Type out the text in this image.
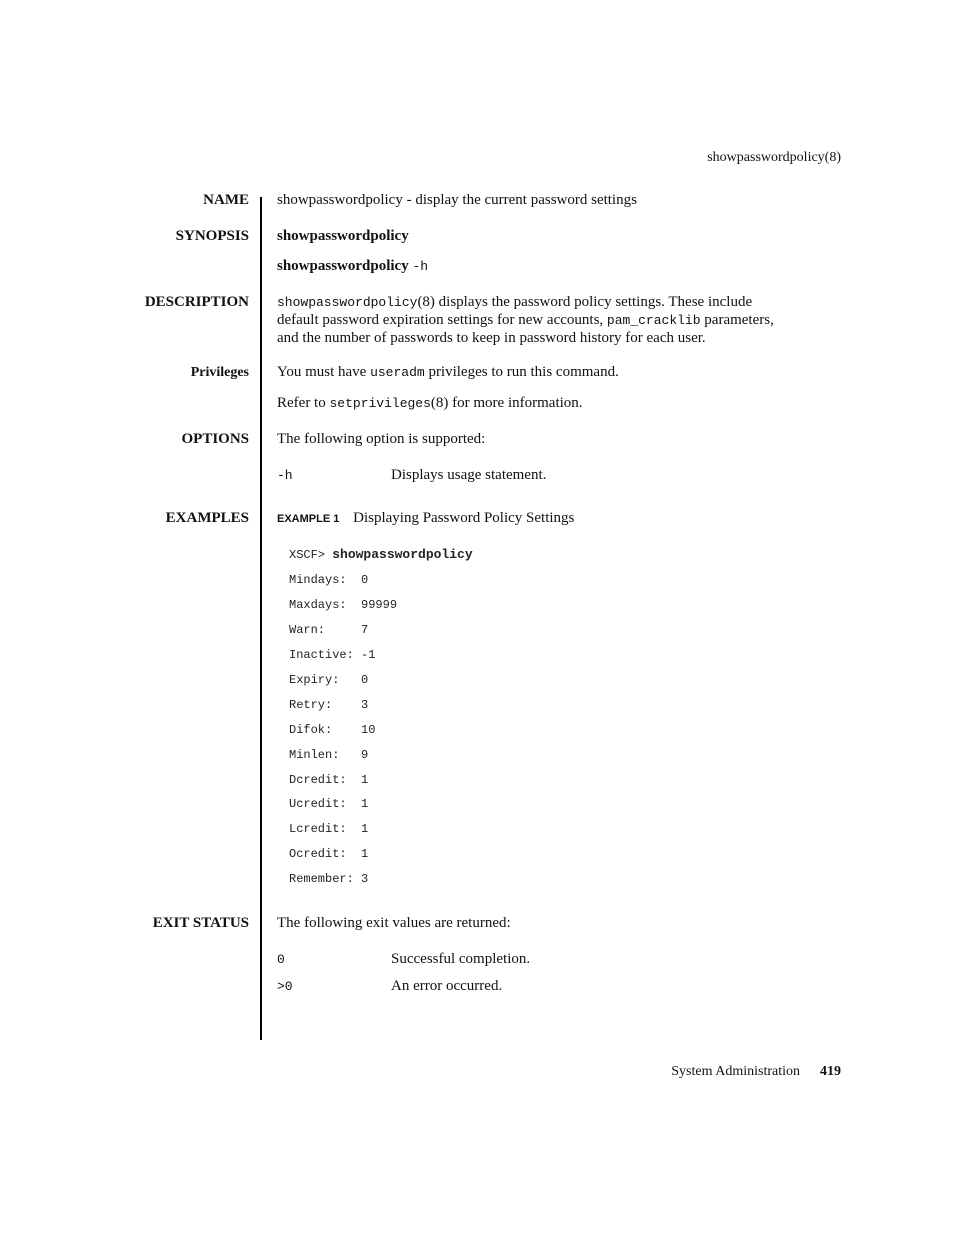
showpasswordpolicy(8)
NAME showpasswordpolicy - display the current password settings
SYNOPSIS showpasswordpolicy
showpasswordpolicy -h
DESCRIPTION showpasswordpolicy(8) displays the password policy settings. These include
default password expiration settings for new accounts, pam_cracklib parameters,
and the number of passwords to keep in password history for each user.
Privileges You must have useradm privileges to run this command.
Refer to setprivileges(8) for more information.
OPTIONS The following option is supported:
-h	Displays usage statement.
EXAMPLES	EXAMPLE 1 Displaying Password Policy Settings
XSCF> showpasswordpolicy
Mindays:  0
Maxdays:  99999
Warn:     7
Inactive: -1
Expiry:   0
Retry:    3
Difok:    10
Minlen:   9
Dcredit:  1
Ucredit:  1
Lcredit:  1
Ocredit:  1
Remember: 3
EXIT STATUS The following exit values are returned:
0	Successful completion.
>0	An error occurred.
System Administration 419
